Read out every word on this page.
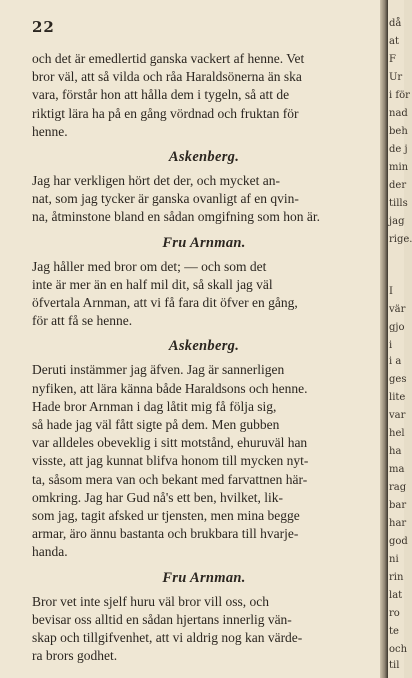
22

och det är emedlertid ganska vackert af henne. Vet
bror väl, att så vilda och råa Haraldsönerna än ska
vara, förstår hon att hålla dem i tygeln, så att de
riktigt lära ha på en gång vördnad och fruktan för
henne.

Askenberg.

Jag har verkligen hört det der, och mycket an-
nat, som jag tycker är ganska ovanligt af en qvin-
na, åtminstone bland en sådan omgifning som hon är.

Fru Arnman.

Jag håller med bror om det; — och som det
inte är mer än en half mil dit, så skall jag väl
öfvertala Arnman, att vi få fara dit öfver en gång,
för att få se henne.

Askenberg.

Deruti instämmer jag äfven. Jag är sannerligen
nyfiken, att lära känna både Haraldsons och henne.
Hade bror Arnman i dag låtit mig få följa sig,
så hade jag väl fått sigte på dem. Men gubben
var alldeles obeveklig i sitt motstånd, ehuruväl han
visste, att jag kunnat blifva honom till mycken nyt-
ta, såsom mera van och bekant med farvattnen här-
omkring. Jag har Gud nå's ett ben, hvilket, lik-
som jag, tagit afsked ur tjensten, men mina begge
armar, äro ännu bastanta och brukbara till hvarje-
handa.

Fru Arnman.

Bror vet inte sjelf huru väl bror vill oss, och
bevisar oss alltid en sådan hjertans innerlig vän-
skap och tillgifvenhet, att vi aldrig nog kan värde-
ra brors godhet.

Ur
i för
nad
beh
de j
min
der
tills
jag
rige.
I
vär
gjo
i
i a
ges
lite
var
hel
ha
ma
rag
bar
har
god
ni
rin
lat
ro
te
och
til
då
at
F
